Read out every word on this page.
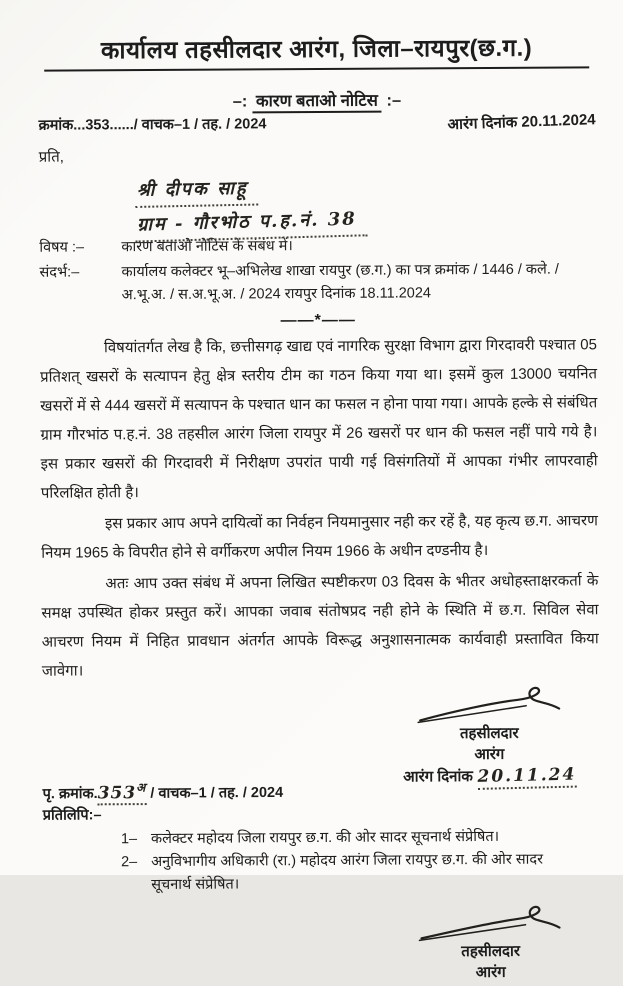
कार्यालय तहसीलदार आरंग, जिला–रायपुर(छ.ग.)
–: कारण बताओ नोटिस :–
क्रमांक...353....../ वाचक–1 / तह. / 2024	आरंग दिनांक 20.11.2024
प्रति,
श्री दीपक साहू
ग्राम - गौरभोठ प.ह.नं. 38
विषय :–	कारण बताओ नोटिस के संबंध में।
संदर्भ:–	कार्यालय कलेक्टर भू–अभिलेख शाखा रायपुर (छ.ग.) का पत्र क्रमांक / 1446 / कले. / अ.भू.अ. / स.अ.भू.अ. / 2024 रायपुर दिनांक 18.11.2024
——*——

विषयांतर्गत लेख है कि, छत्तीसगढ़ खाद्य एवं नागरिक सुरक्षा विभाग द्वारा गिरदावरी पश्चात 05 प्रतिशत् खसरों के सत्यापन हेतु क्षेत्र स्तरीय टीम का गठन किया गया था। इसमें कुल 13000 चयनित खसरों में से 444 खसरों में सत्यापन के पश्चात धान का फसल न होना पाया गया। आपके हल्के से संबंधित ग्राम गौरभांठ प.ह.नं. 38 तहसील आरंग जिला रायपुर में 26 खसरों पर धान की फसल नहीं पाये गये है। इस प्रकार खसरों की गिरदावरी में निरीक्षण उपरांत पायी गई विसंगतियों में आपका गंभीर लापरवाही परिलक्षित होती है।

इस प्रकार आप अपने दायित्वों का निर्वहन नियमानुसार नही कर रहें है, यह कृत्य छ.ग. आचरण नियम 1965 के विपरीत होने से वर्गीकरण अपील नियम 1966 के अधीन दण्डनीय है।

अतः आप उक्त संबंध में अपना लिखित स्पष्टीकरण 03 दिवस के भीतर अधोहस्ताक्षरकर्ता के समक्ष उपस्थित होकर प्रस्तुत करें। आपका जवाब संतोषप्रद नही होने के स्थिति में छ.ग. सिविल सेवा आचरण नियम में निहित प्रावधान अंतर्गत आपके विरूद्ध अनुशासनात्मक कार्यवाही प्रस्तावित किया जावेगा।

तहसीलदार
आरंग
आरंग दिनांक 20.11.24
पृ. $क्रमांक.353^अ$ / वाचक–1 / तह. / 2024
प्रतिलिपि:–
1– कलेक्टर महोदय जिला रायपुर छ.ग. की ओर सादर सूचनार्थ संप्रेषित।
2– अनुविभागीय अधिकारी (रा.) महोदय आरंग जिला रायपुर छ.ग. की ओर सादर सूचनार्थ संप्रेषित।
तहसीलदार
आरंग
